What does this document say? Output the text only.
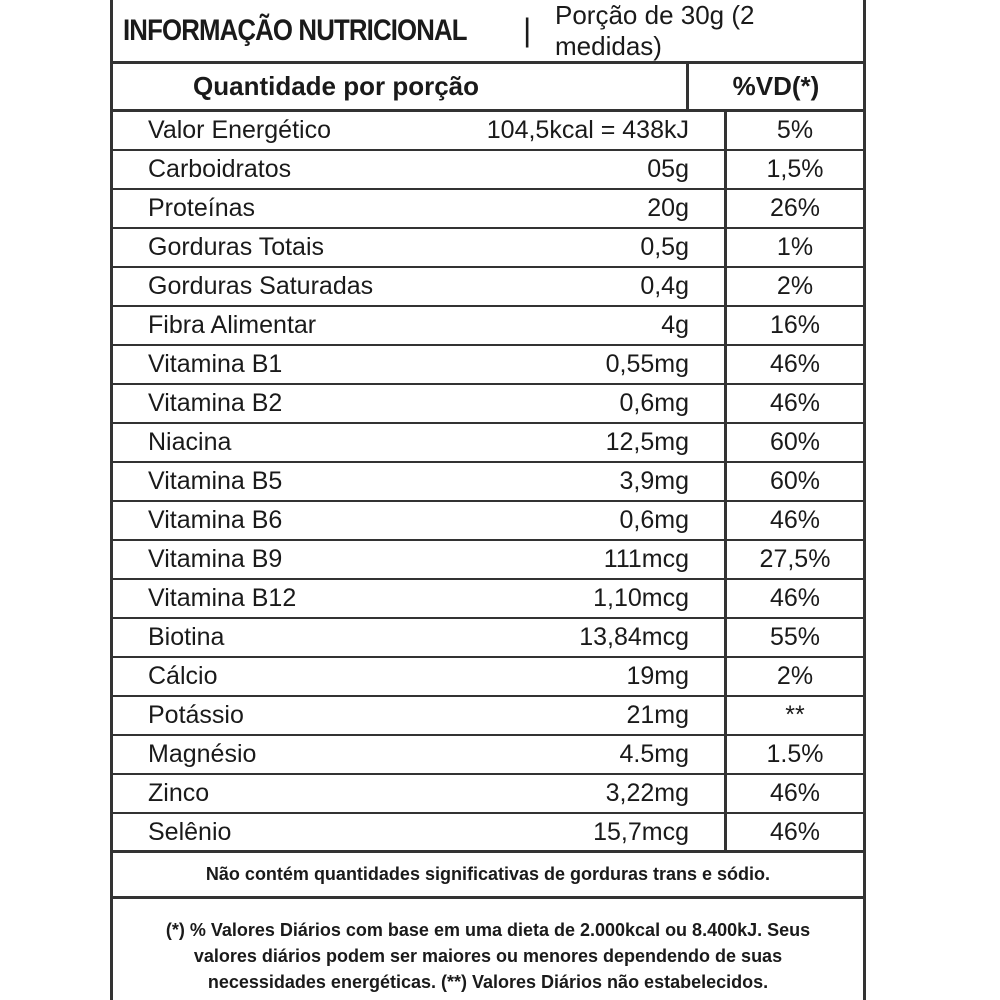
INFORMAÇÃO NUTRICIONAL | Porção de 30g (2 medidas)
Quantidade por porção	%VD(*)
Valor Energético	104,5kcal = 438kJ	5%
Carboidratos	05g	1,5%
Proteínas	20g	26%
Gorduras Totais	0,5g	1%
Gorduras Saturadas	0,4g	2%
Fibra Alimentar	4g	16%
Vitamina B1	0,55mg	46%
Vitamina B2	0,6mg	46%
Niacina	12,5mg	60%
Vitamina B5	3,9mg	60%
Vitamina B6	0,6mg	46%
Vitamina B9	111mcg	27,5%
Vitamina B12	1,10mcg	46%
Biotina	13,84mcg	55%
Cálcio	19mg	2%
Potássio	21mg	**
Magnésio	4.5mg	1.5%
Zinco	3,22mg	46%
Selênio	15,7mcg	46%
Não contém quantidades significativas de gorduras trans e sódio.
(*) % Valores Diários com base em uma dieta de 2.000kcal ou 8.400kJ. Seus valores diários podem ser maiores ou menores dependendo de suas necessidades energéticas. (**) Valores Diários não estabelecidos.
